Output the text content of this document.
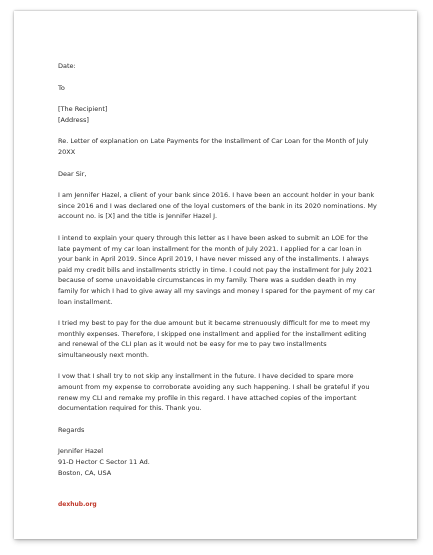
Date:

To

[The Recipient]

[Address]

Re. Letter of explanation on Late Payments for the Installment of Car Loan for the Month of July 20XX

Dear Sir,

I am Jennifer Hazel, a client of your bank since 2016. I have been an account holder in your bank since 2016 and I was declared one of the loyal customers of the bank in its 2020 nominations. My account no. is [X] and the title is Jennifer Hazel J.

I intend to explain your query through this letter as I have been asked to submit an LOE for the late payment of my car loan installment for the month of July 2021. I applied for a car loan in your bank in April 2019. Since April 2019, I have never missed any of the installments. I always paid my credit bills and installments strictly in time. I could not pay the installment for July 2021 because of some unavoidable circumstances in my family. There was a sudden death in my family for which I had to give away all my savings and money I spared for the payment of my car loan installment.

I tried my best to pay for the due amount but it became strenuously difficult for me to meet my monthly expenses. Therefore, I skipped one installment and applied for the installment editing and renewal of the CLI plan as it would not be easy for me to pay two installments simultaneously next month.

I vow that I shall try to not skip any installment in the future. I have decided to spare more amount from my expense to corroborate avoiding any such happening. I shall be grateful if you renew my CLI and remake my profile in this regard. I have attached copies of the important documentation required for this. Thank you.

Regards

Jennifer Hazel

91-D Hector C Sector 11 Ad.

Boston, CA, USA

dexhub.org
